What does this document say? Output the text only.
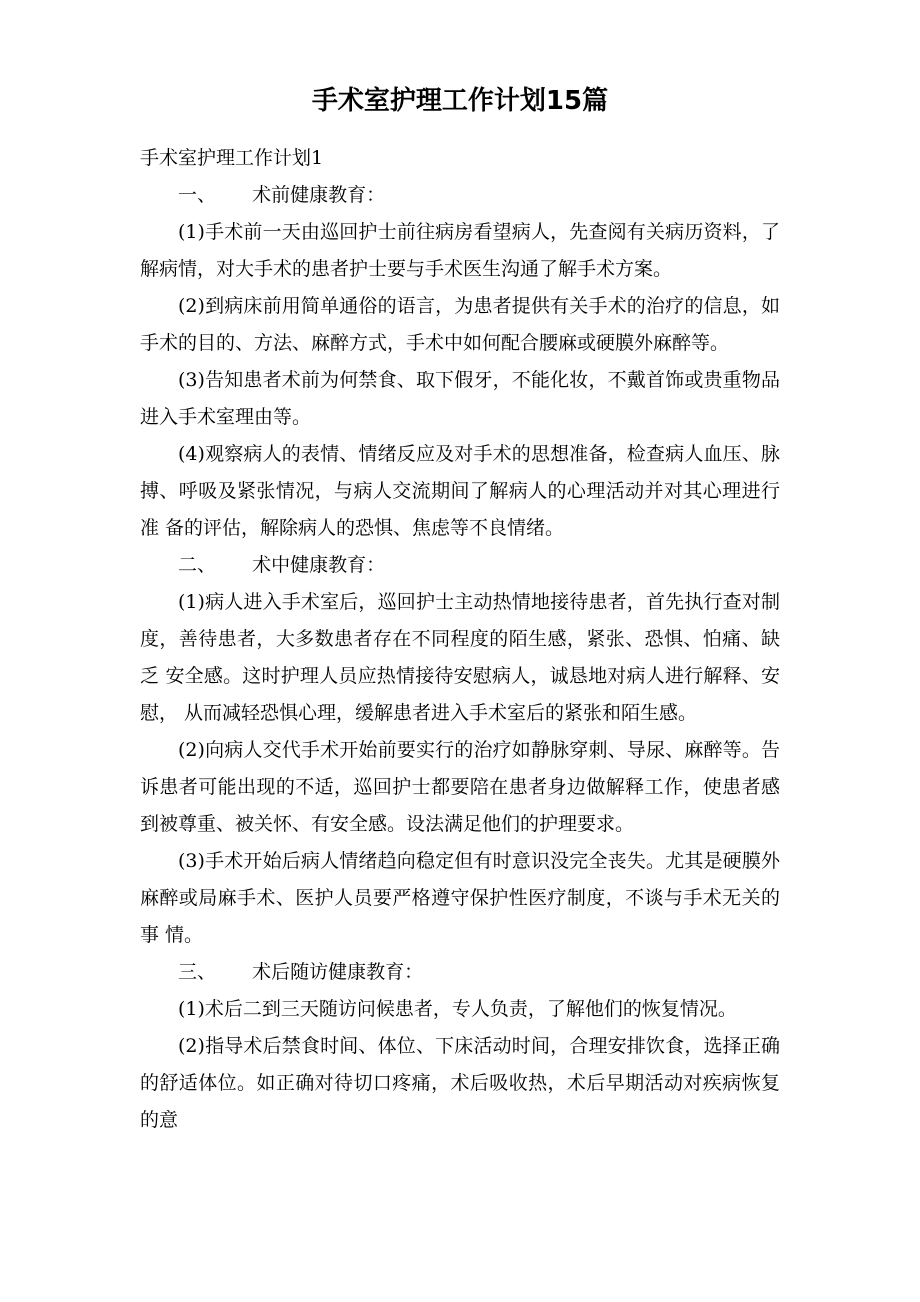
手术室护理工作计划15篇

手术室护理工作计划1

一、 术前健康教育：

(1)手术前一天由巡回护士前往病房看望病人，先查阅有关病历资料，了解病情，对大手术的患者护士要与手术医生沟通了解手术方案。

(2)到病床前用简单通俗的语言，为患者提供有关手术的治疗的信息，如手术的目的、方法、麻醉方式，手术中如何配合腰麻或硬膜外麻醉等。

(3)告知患者术前为何禁食、取下假牙，不能化妆，不戴首饰或贵重物品进入手术室理由等。

(4)观察病人的表情、情绪反应及对手术的思想准备，检查病人血压、脉 搏、呼吸及紧张情况，与病人交流期间了解病人的心理活动并对其心理进行准 备的评估，解除病人的恐惧、焦虑等不良情绪。

二、 术中健康教育：

(1)病人进入手术室后，巡回护士主动热情地接待患者，首先执行查对制 度，善待患者，大多数患者存在不同程度的陌生感，紧张、恐惧、怕痛、缺乏 安全感。这时护理人员应热情接待安慰病人，诚恳地对病人进行解释、安慰， 从而减轻恐惧心理，缓解患者进入手术室后的紧张和陌生感。

(2)向病人交代手术开始前要实行的治疗如静脉穿刺、导尿、麻醉等。告诉患者可能出现的不适，巡回护士都要陪在患者身边做解释工作，使患者感到被尊重、被关怀、有安全感。设法满足他们的护理要求。

(3)手术开始后病人情绪趋向稳定但有时意识没完全丧失。尤其是硬膜外麻醉或局麻手术、医护人员要严格遵守保护性医疗制度，不谈与手术无关的事 情。

三、 术后随访健康教育：

(1)术后二到三天随访问候患者，专人负责，了解他们的恢复情况。

(2)指导术后禁食时间、体位、下床活动时间，合理安排饮食，选择正确的舒适体位。如正确对待切口疼痛，术后吸收热，术后早期活动对疾病恢复的意
